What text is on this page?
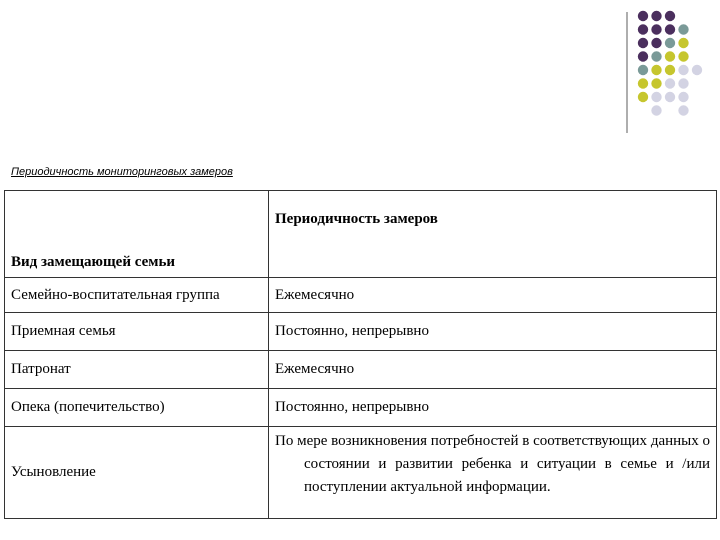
Периодичность мониторинговых замеров
Вид замещающей семьи	Периодичность замеров
Семейно-воспитательная группа	Ежемесячно
Приемная семья	Постоянно, непрерывно
Патронат	Ежемесячно
Опека (попечительство)	Постоянно, непрерывно
Усыновление	По мере возникновения потребностей в соответствующих данных о состоянии и развитии ребенка и ситуации в семье и /или поступлении актуальной информации.
